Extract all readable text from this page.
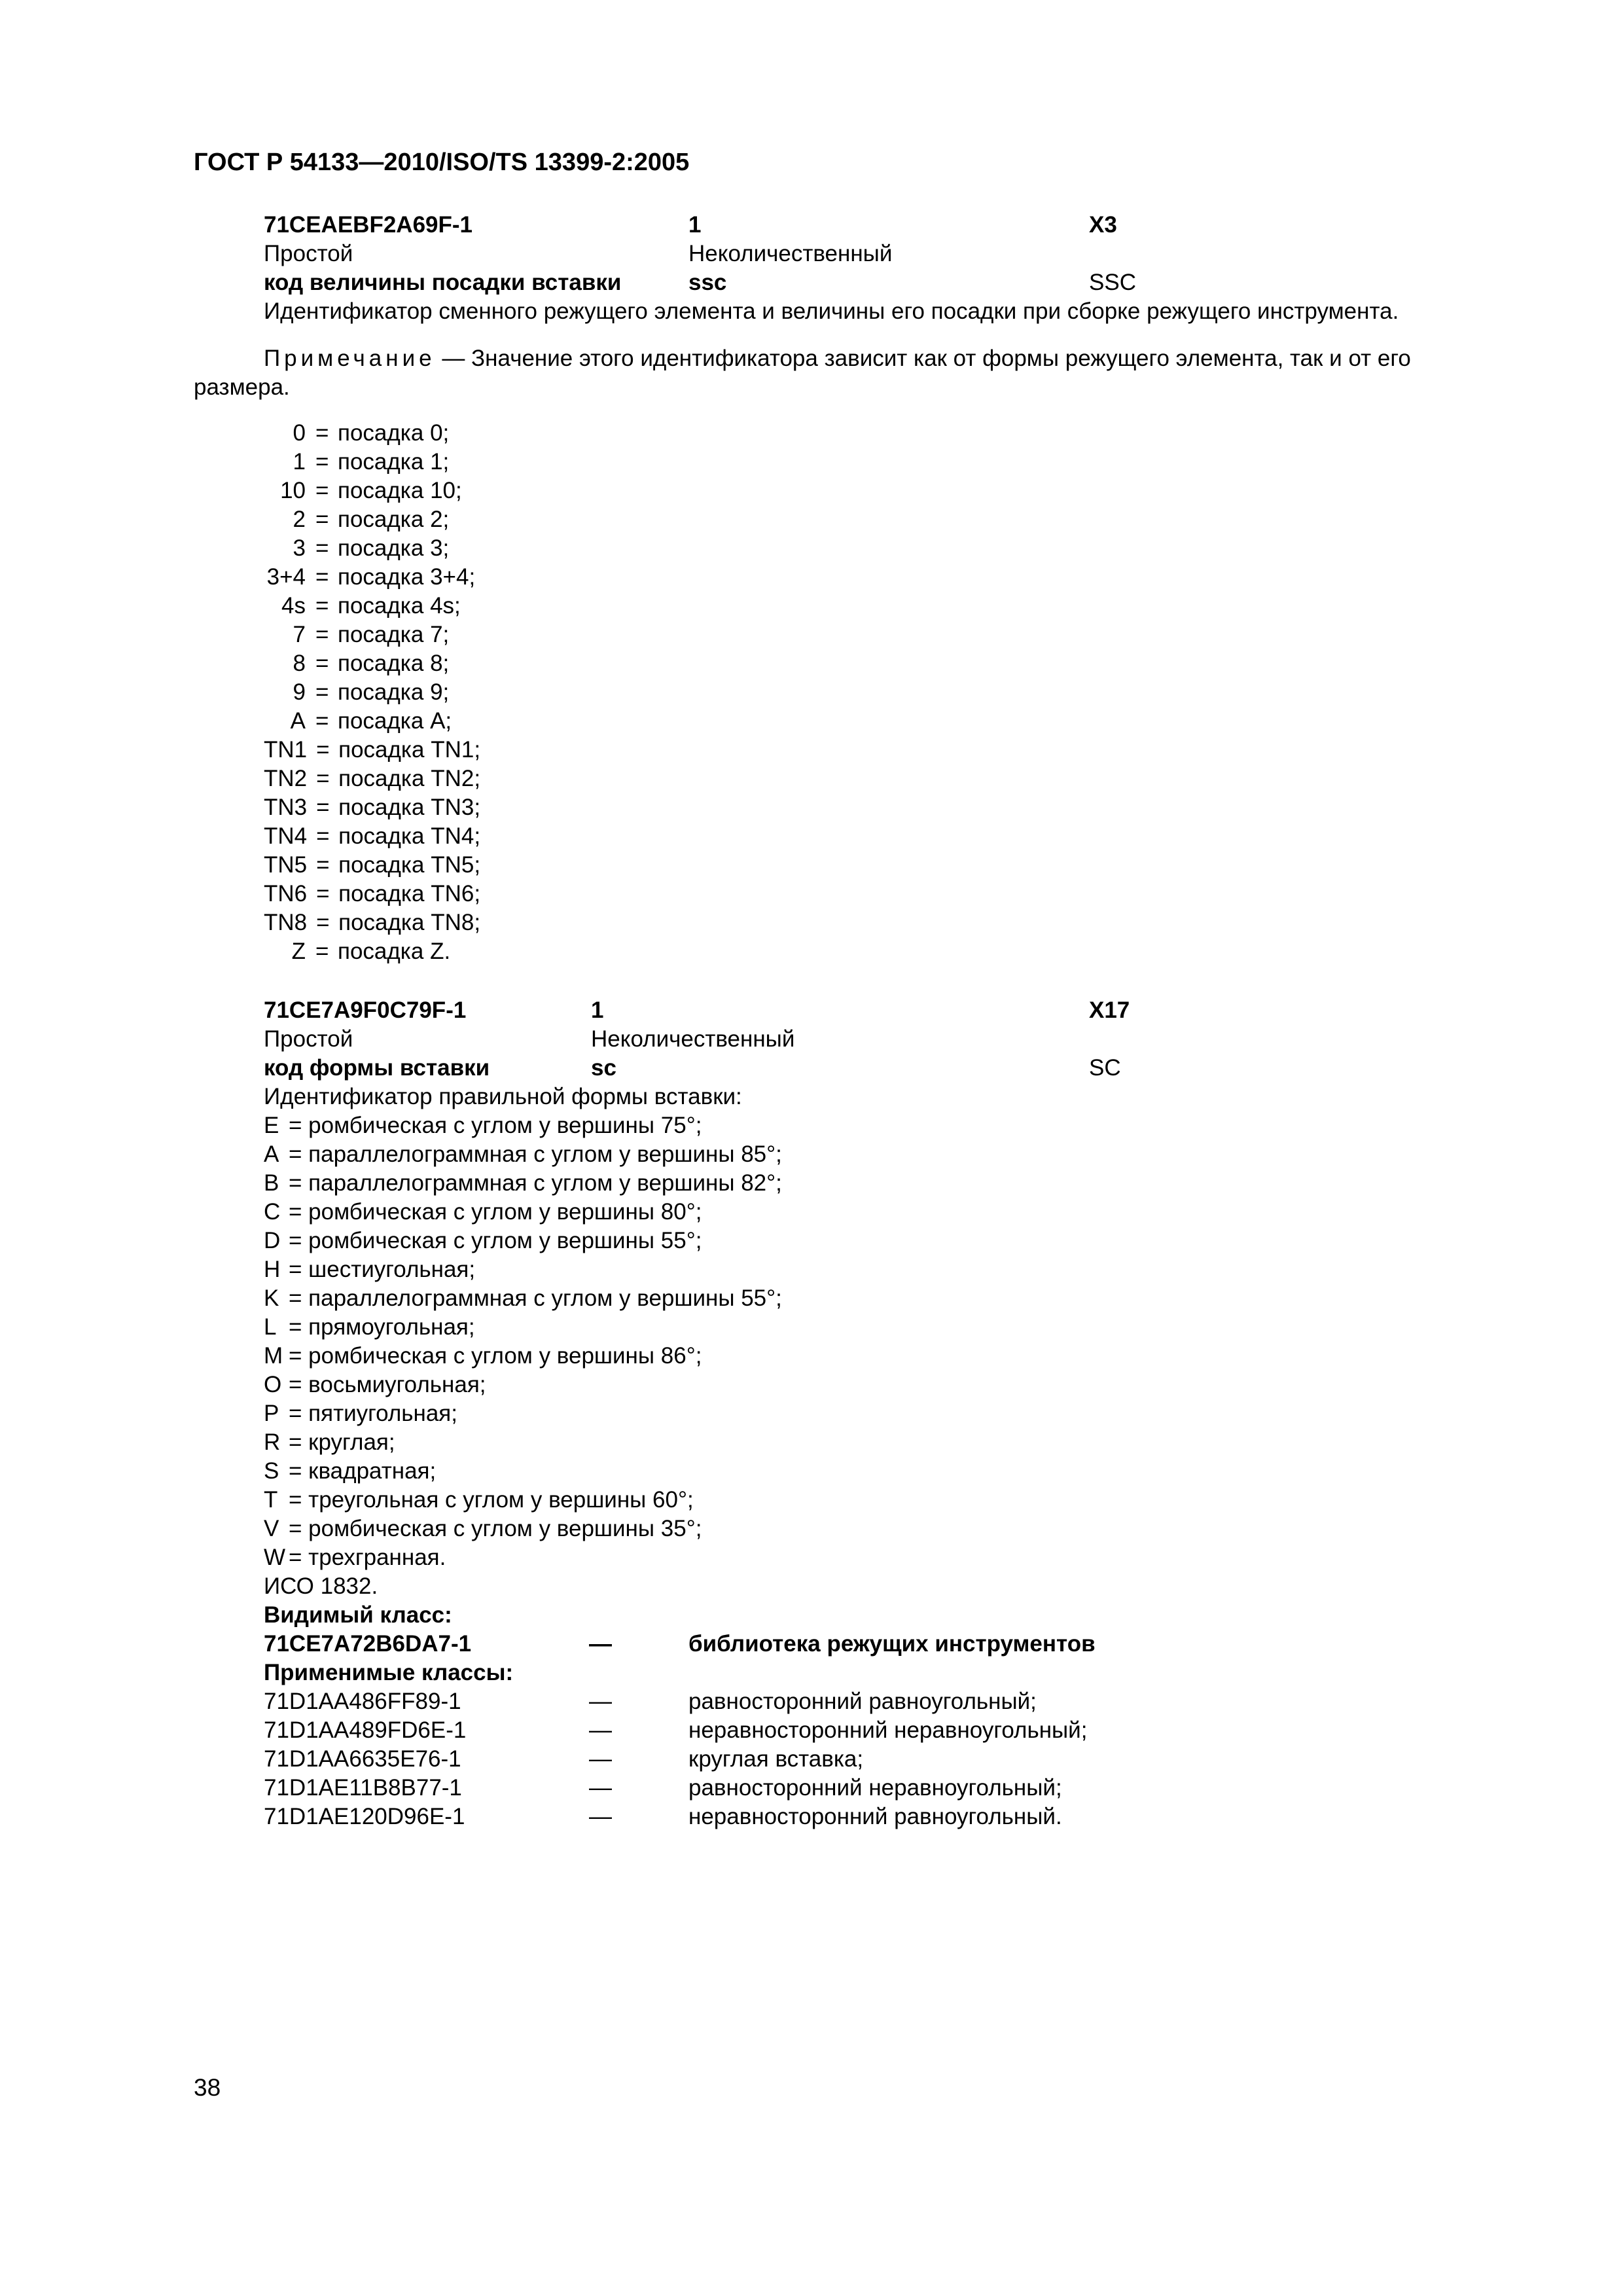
ГОСТ Р 54133—2010/ISO/TS 13399-2:2005
71CEAEBF2A69F-1	1	X3
Простой	Неколичественный
код величины посадки вставки	ssc	SSC
Идентификатор сменного режущего элемента и величины его посадки при сборке режущего инструмента.
Примечание — Значение этого идентификатора зависит как от формы режущего элемента, так и от его
размера.
0 = посадка 0;
1 = посадка 1;
10 = посадка 10;
2 = посадка 2;
3 = посадка 3;
3+4 = посадка 3+4;
4s = посадка 4s;
7 = посадка 7;
8 = посадка 8;
9 = посадка 9;
A = посадка A;
TN1 = посадка TN1;
TN2 = посадка TN2;
TN3 = посадка TN3;
TN4 = посадка TN4;
TN5 = посадка TN5;
TN6 = посадка TN6;
TN8 = посадка TN8;
Z = посадка Z.
71CE7A9F0C79F-1	1	X17
Простой	Неколичественный
код формы вставки	sc	SC
Идентификатор правильной формы вставки:
E = ромбическая с углом у вершины 75°;
A = параллелограммная с углом у вершины 85°;
B = параллелограммная с углом у вершины 82°;
C = ромбическая с углом у вершины 80°;
D = ромбическая с углом у вершины 55°;
H = шестиугольная;
K = параллелограммная с углом у вершины 55°;
L = прямоугольная;
M = ромбическая с углом у вершины 86°;
O = восьмиугольная;
P = пятиугольная;
R = круглая;
S = квадратная;
T = треугольная с углом у вершины 60°;
V = ромбическая с углом у вершины 35°;
W = трехгранная.
ИСО 1832.
Видимый класс:
71CE7A72B6DA7-1	—	библиотека режущих инструментов
Применимые классы:
71D1AA486FF89-1	—	равносторонний равноугольный;
71D1AA489FD6E-1	—	неравносторонний неравноугольный;
71D1AA6635E76-1	—	круглая вставка;
71D1AE11B8B77-1	—	равносторонний неравноугольный;
71D1AE120D96E-1	—	неравносторонний равноугольный.
38
